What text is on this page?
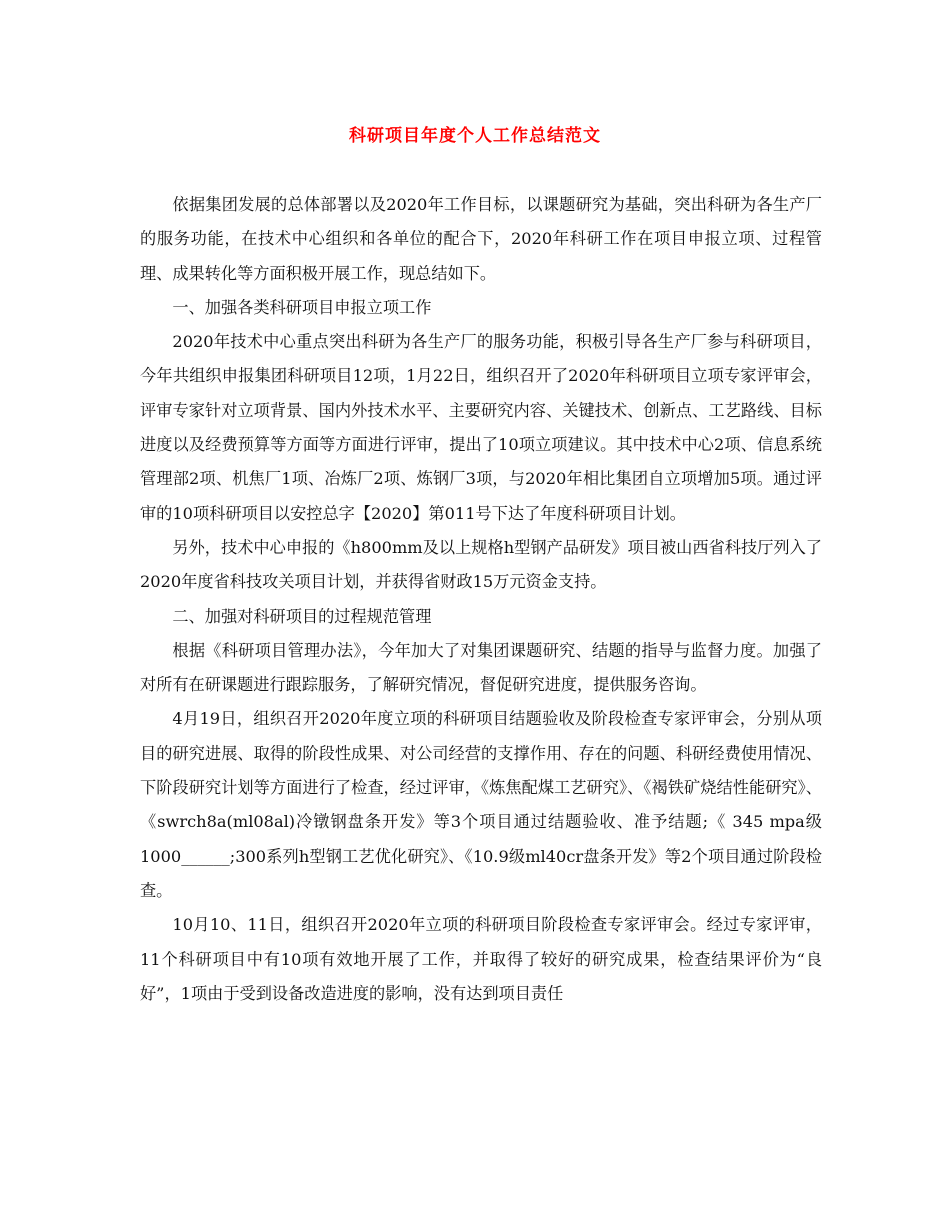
科研项目年度个人工作总结范文

依据集团发展的总体部署以及2020年工作目标，以课题研究为基础，突出科研为各生产厂的服务功能，在技术中心组织和各单位的配合下，2020年科研工作在项目申报立项、过程管理、成果转化等方面积极开展工作，现总结如下。

一、加强各类科研项目申报立项工作

2020年技术中心重点突出科研为各生产厂的服务功能，积极引导各生产厂参与科研项目，今年共组织申报集团科研项目12项，1月22日，组织召开了2020年科研项目立项专家评审会，评审专家针对立项背景、国内外技术水平、主要研究内容、关键技术、创新点、工艺路线、目标进度以及经费预算等方面等方面进行评审，提出了10项立项建议。其中技术中心2项、信息系统管理部2项、机焦厂1项、冶炼厂2项、炼钢厂3项，与2020年相比集团自立项增加5项。通过评审的10项科研项目以安控总字【2020】第011号下达了年度科研项目计划。

另外，技术中心申报的《h800mm及以上规格h型钢产品研发》项目被山西省科技厅列入了2020年度省科技攻关项目计划，并获得省财政15万元资金支持。

二、加强对科研项目的过程规范管理

根据《科研项目管理办法》，今年加大了对集团课题研究、结题的指导与监督力度。加强了对所有在研课题进行跟踪服务，了解研究情况，督促研究进度，提供服务咨询。

4月19日，组织召开2020年度立项的科研项目结题验收及阶段检查专家评审会，分别从项目的研究进展、取得的阶段性成果、对公司经营的支撑作用、存在的问题、科研经费使用情况、下阶段研究计划等方面进行了检查，经过评审，《炼焦配煤工艺研究》、《褐铁矿烧结性能研究》、《swrch8a(ml08al)冷镦钢盘条开发》等3个项目通过结题验收、准予结题;《 345 mpa级1000______;300系列h型钢工艺优化研究》、《10.9级ml40cr盘条开发》等2个项目通过阶段检查。

10月10、11日，组织召开2020年立项的科研项目阶段检查专家评审会。经过专家评审，11个科研项目中有10项有效地开展了工作，并取得了较好的研究成果，检查结果评价为“良好”，1项由于受到设备改造进度的影响，没有达到项目责任
